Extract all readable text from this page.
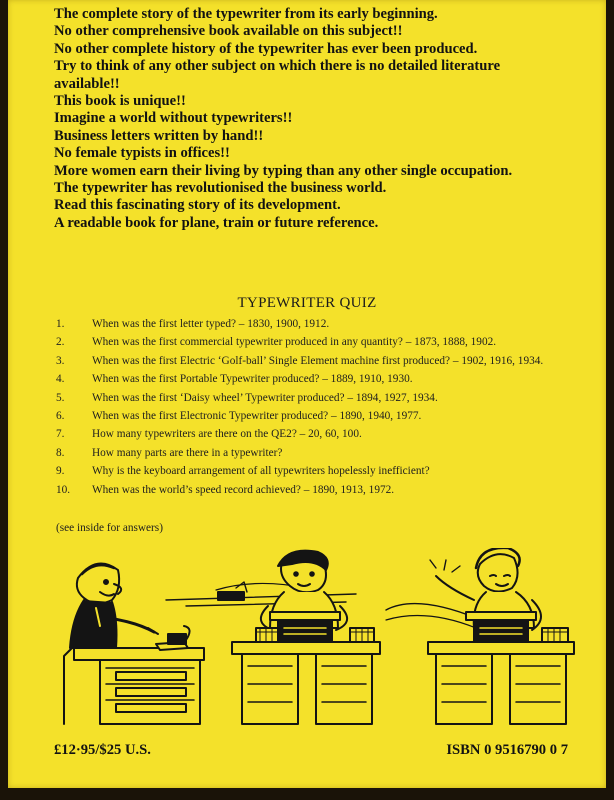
The complete story of the typewriter from its early beginning.
No other comprehensive book available on this subject!!
No other complete history of the typewriter has ever been produced.
Try to think of any other subject on which there is no detailed literature
available!!
This book is unique!!
Imagine a world without typewriters!!
Business letters written by hand!!
No female typists in offices!!
More women earn their living by typing than any other single occupation.
The typewriter has revolutionised the business world.
Read this fascinating story of its development.
A readable book for plane, train or future reference.
TYPEWRITER QUIZ
1.	When was the first letter typed? – 1830, 1900, 1912.
2.	When was the first commercial typewriter produced in any quantity? – 1873, 1888, 1902.
3.	When was the first Electric ‘Golf-ball’ Single Element machine first produced? – 1902, 1916, 1934.
4.	When was the first Portable Typewriter produced? – 1889, 1910, 1930.
5.	When was the first ‘Daisy wheel’ Typewriter produced? – 1894, 1927, 1934.
6.	When was the first Electronic Typewriter produced? – 1890, 1940, 1977.
7.	How many typewriters are there on the QE2? – 20, 60, 100.
8.	How many parts are there in a typewriter?
9.	Why is the keyboard arrangement of all typewriters hopelessly inefficient?
10.	When was the world’s speed record achieved? – 1890, 1913, 1972.
(see inside for answers)
£12·95/$25 U.S.	ISBN 0 9516790 0 7
